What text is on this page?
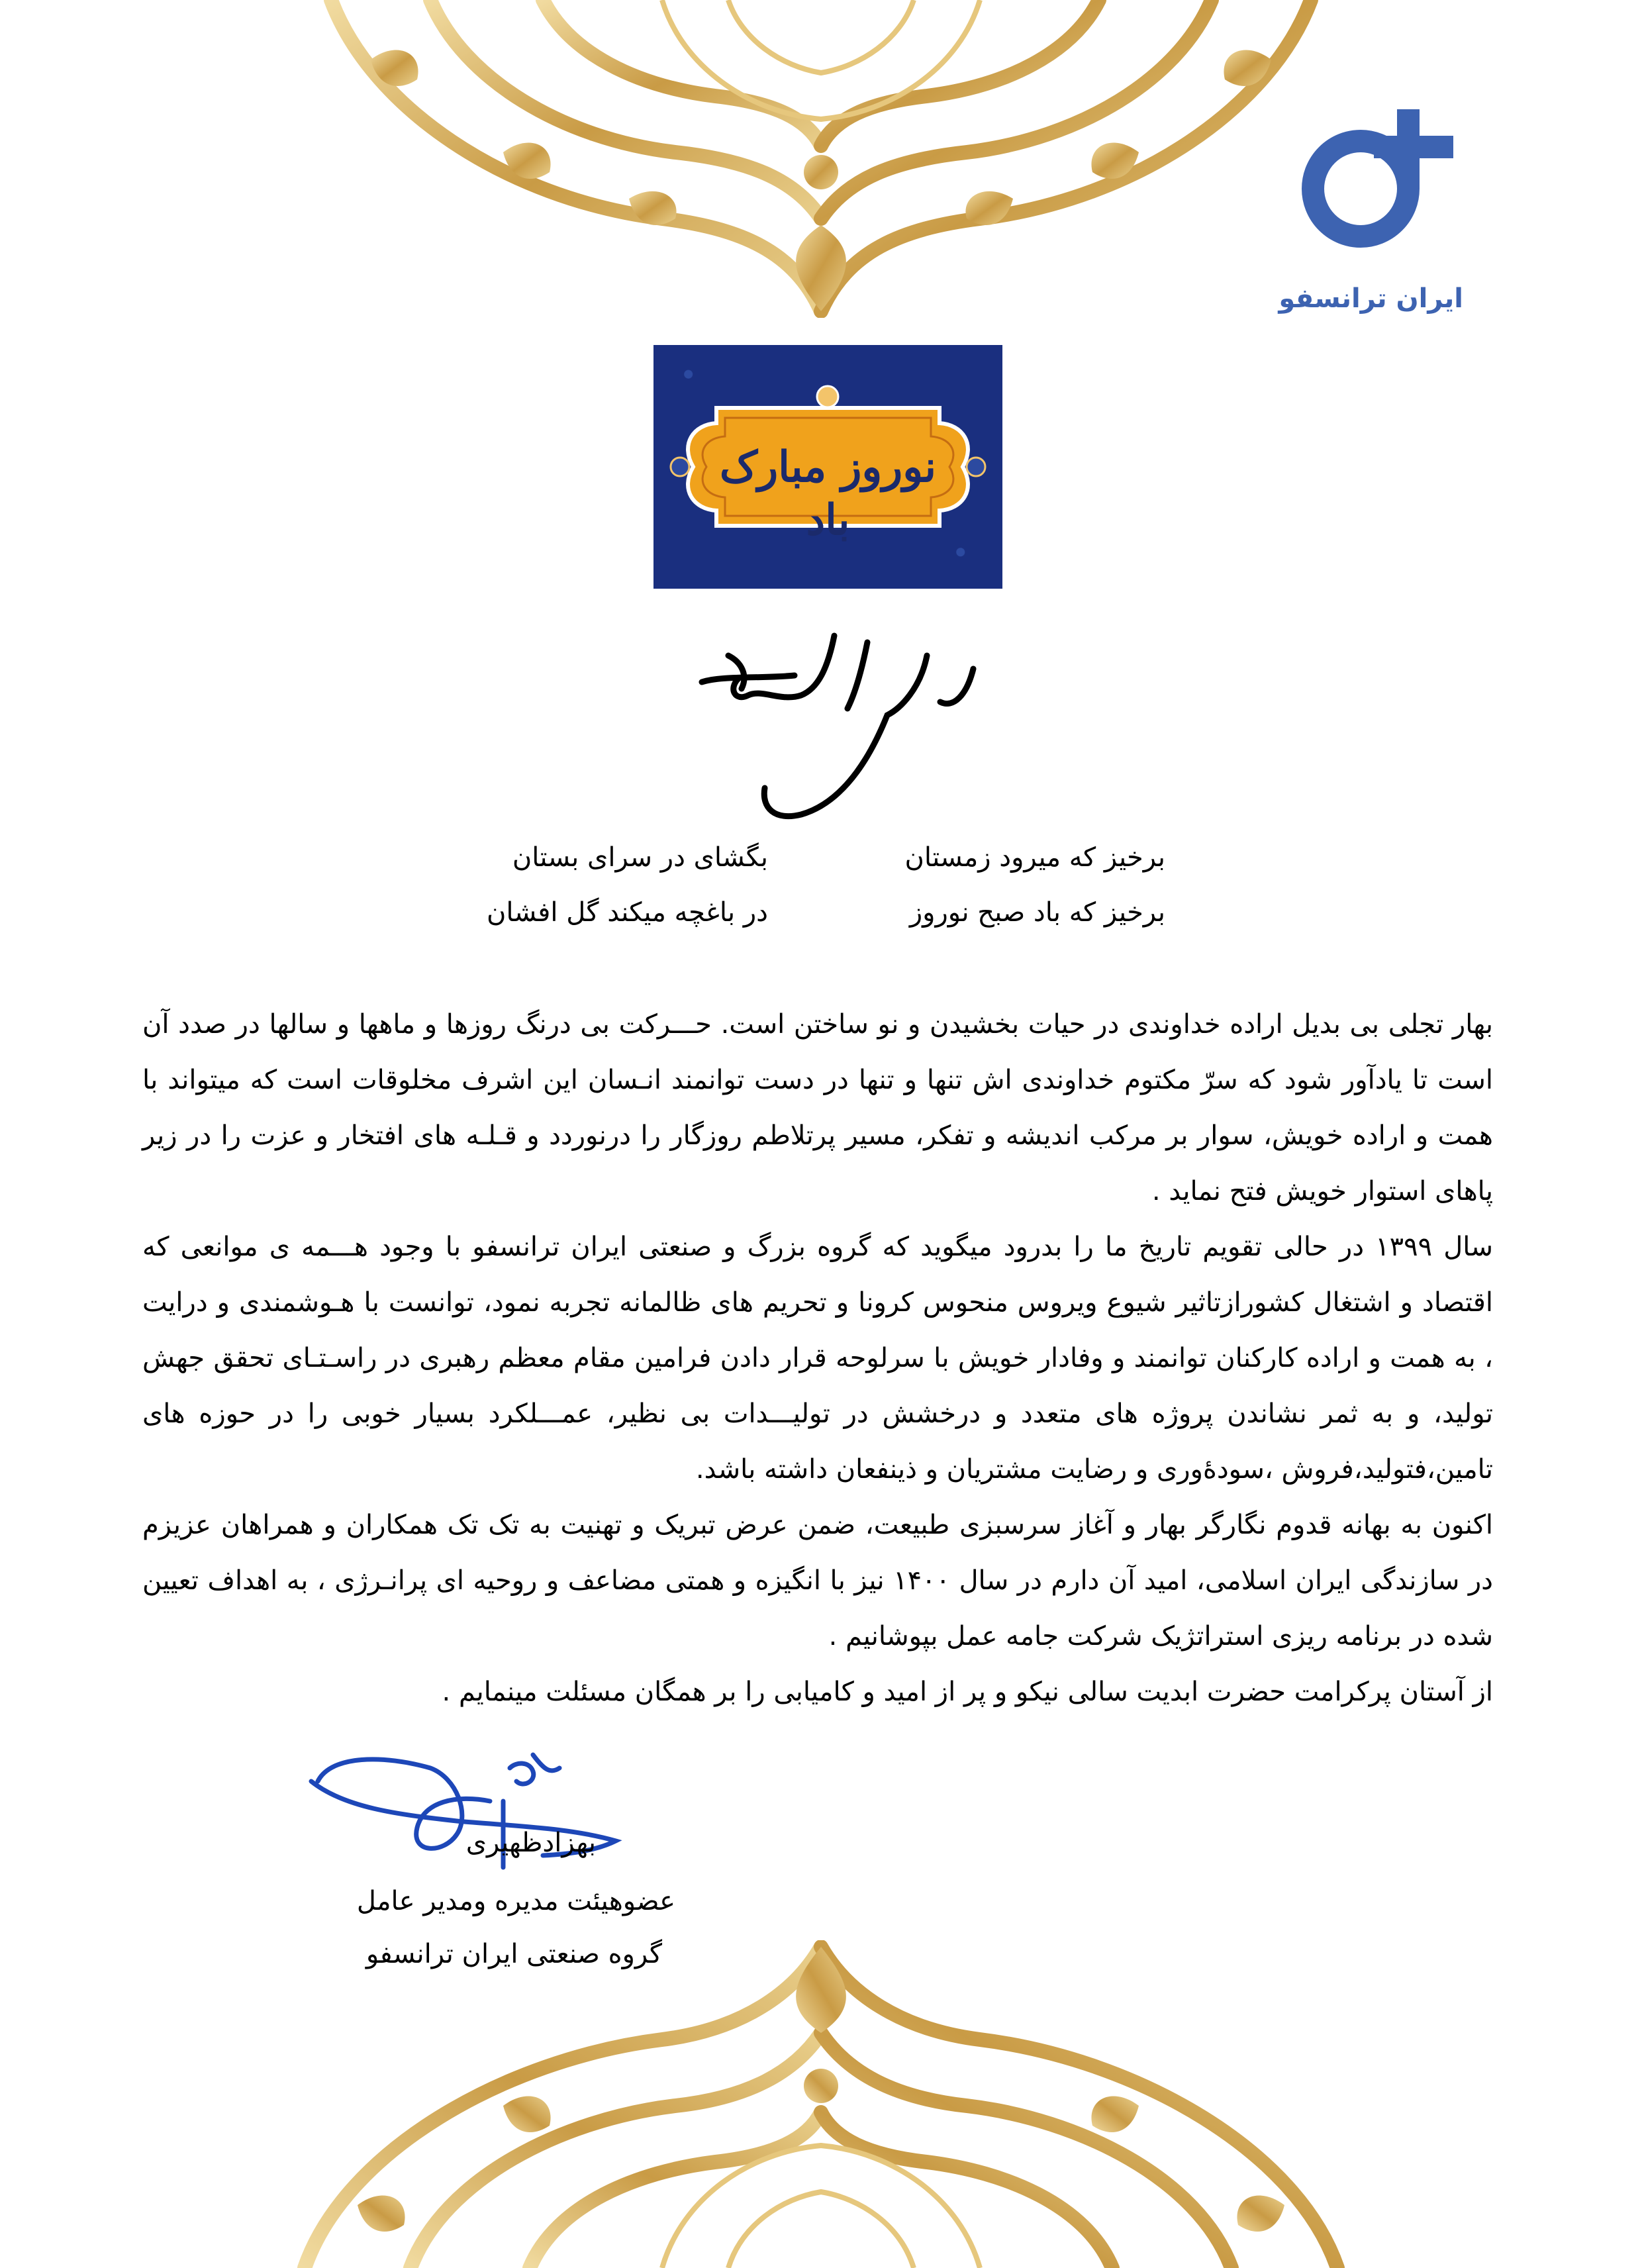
ایران ترانسفو
نوروز مبارک باد
برخیز که میرود زمستان
بگشای در سرای بستان
برخیز که باد صبح نوروز
در باغچه میکند گل افشان

بهار تجلی بی بدیل اراده خداوندی در حیات بخشیدن و نو ساختن است. حـــرکت بی درنگ روزها و ماهها و سالها در صدد آن است تا یادآور شود که سرّ مکتوم خداوندی اش تنها و تنها در دست توانمند انـسان این اشرف مخلوقات است که میتواند با همت و اراده خویش، سوار بر مرکب اندیشه و تفکر، مسیر پرتلاطم روزگار را درنوردد و قـلـه های افتخار و عزت را در زیر پاهای استوار خویش فتح نماید .

سال ۱۳۹۹ در حالی تقویم تاریخ ما را بدرود میگوید که گروه بزرگ و صنعتی ایران ترانسفو با وجود هـــمه ی موانعی که اقتصاد و اشتغال کشورازتاثیر شیوع ویروس منحوس کرونا و تحریم های ظالمانه تجربه نمود، توانست با هـوشمندی و درایت ، به همت و اراده کارکنان توانمند و وفادار خویش با سرلوحه قرار دادن فرامین مقام معظم رهبری در راسـتـای تحقق جهش تولید، و به ثمر نشاندن پروژه های متعدد و درخشش در تولیـــدات بی نظیر، عمـــلکرد بسیار خوبی را در حوزه های تامین،فتولید،فروش ،سودۀوری و رضایت مشتریان و ذینفعان داشته باشد.

اکنون به بهانه قدوم نگارگر بهار و آغاز سرسبزی طبیعت، ضمن عرض تبریک و تهنیت به تک تک همکاران و همراهان عزیزم در سازندگی ایران اسلامی، امید آن دارم در سال ۱۴۰۰ نیز با انگیزه و همتی مضاعف و روحیه ای پرانـرژی ، به اهداف تعیین شده در برنامه ریزی استراتژیک شرکت جامه عمل بپوشانیم .

از آستان پرکرامت حضرت ابدیت سالی نیکو و پر از امید و کامیابی را بر همگان مسئلت مینمایم .

بهزادظهیری
عضوهیئت مدیره ومدیر عامل
گروه صنعتی ایران ترانسفو
